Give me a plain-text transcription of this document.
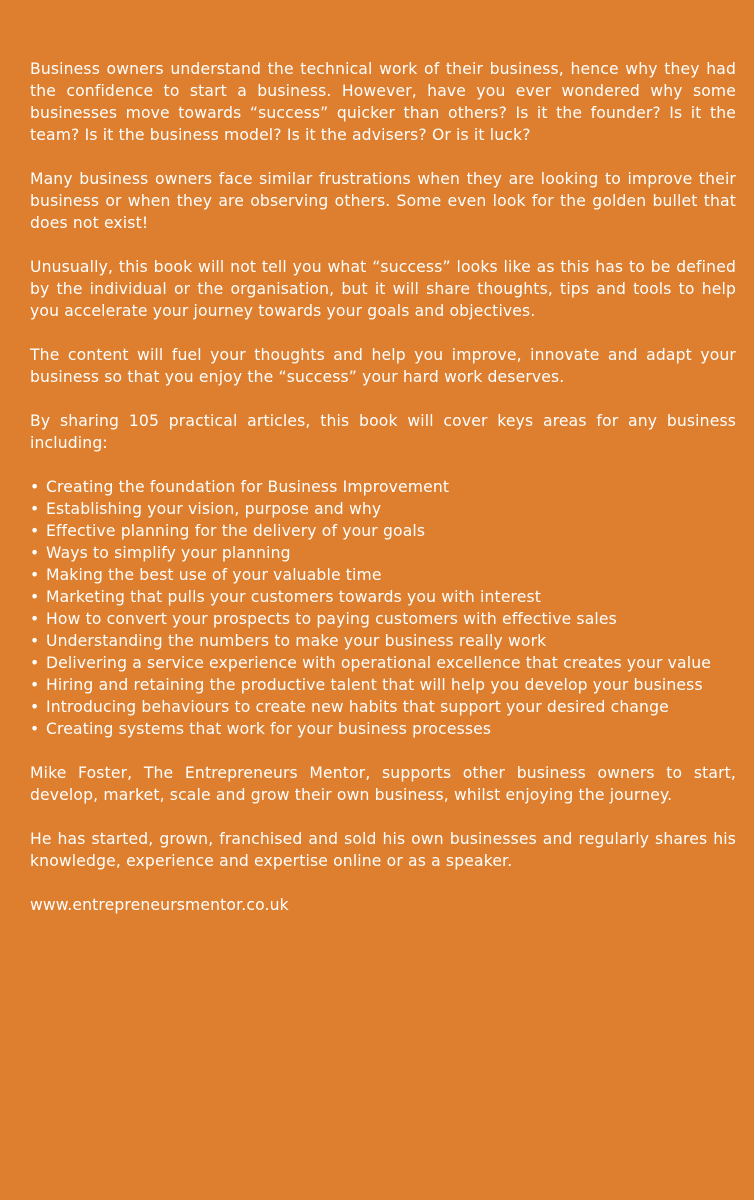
Business owners understand the technical work of their business, hence why they had the confidence to start a business. However, have you ever wondered why some businesses move towards “success” quicker than others? Is it the founder? Is it the team? Is it the business model? Is it the advisers? Or is it luck?

Many business owners face similar frustrations when they are looking to improve their business or when they are observing others. Some even look for the golden bullet that does not exist!

Unusually, this book will not tell you what “success” looks like as this has to be defined by the individual or the organisation, but it will share thoughts, tips and tools to help you accelerate your journey towards your goals and objectives.

The content will fuel your thoughts and help you improve, innovate and adapt your business so that you enjoy the “success” your hard work deserves.

By sharing 105 practical articles, this book will cover keys areas for any business including:

• Creating the foundation for Business Improvement
• Establishing your vision, purpose and why
• Effective planning for the delivery of your goals
• Ways to simplify your planning
• Making the best use of your valuable time
• Marketing that pulls your customers towards you with interest
• How to convert your prospects to paying customers with effective sales
• Understanding the numbers to make your business really work
• Delivering a service experience with operational excellence that creates your value
• Hiring and retaining the productive talent that will help you develop your business
• Introducing behaviours to create new habits that support your desired change
• Creating systems that work for your business processes

Mike Foster, The Entrepreneurs Mentor, supports other business owners to start, develop, market, scale and grow their own business, whilst enjoying the journey.

He has started, grown, franchised and sold his own businesses and regularly shares his knowledge, experience and expertise online or as a speaker.

www.entrepreneursmentor.co.uk
